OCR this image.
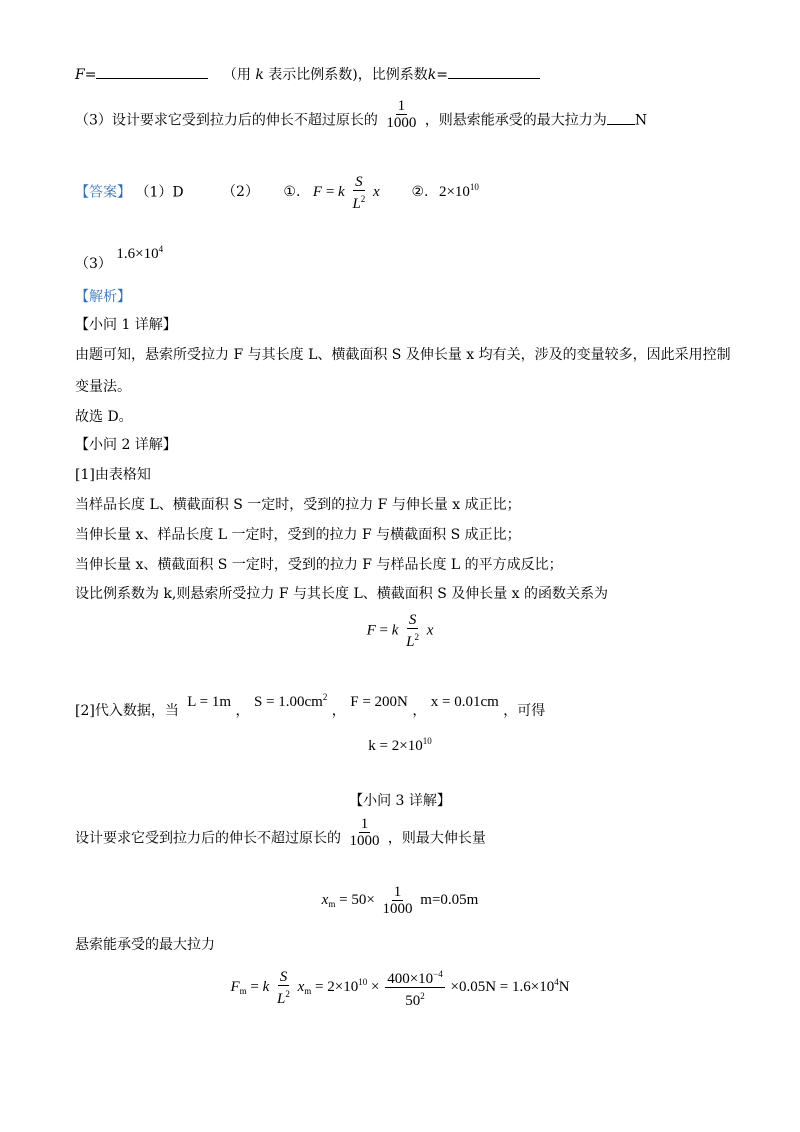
F=	（用 k 表示比例系数)，比例系数k=
（3）设计要求它受到拉力后的伸长不超过原长的 $\frac{1}{1000}$ ，则悬索能承受的最大拉力为 N
【答案】 （1）D	（2） ①. F = k $\frac{S}{L^2}$ x ②. $2\times 10^{10}$
（3） $1.6\times 10^4$
【解析】
【小问 1 详解】
由题可知，悬索所受拉力 F 与其长度 L、横截面积 S 及伸长量 x 均有关，涉及的变量较多，因此采用控制
变量法。
故选 D。
【小问 2 详解】
[1]由表格知
当样品长度 L、横截面积 S 一定时，受到的拉力 F 与伸长量 x 成正比；
当伸长量 x、样品长度 L 一定时，受到的拉力 F 与横截面积 S 成正比；
当伸长量 x、横截面积 S 一定时，受到的拉力 F 与样品长度 L 的平方成反比；
设比例系数为 k,则悬索所受拉力 F 与其长度 L、横截面积 S 及伸长量 x 的函数关系为
F = k $\frac{S}{L^2}$ x
[2]代入数据，当 L = 1m ， $S = 1.00cm^2$ ， F = 200N ， x = 0.01cm ，可得
$k = 2\times 10^{10}$
【小问 3 详解】
设计要求它受到拉力后的伸长不超过原长的 $\frac{1}{1000}$ ，则最大伸长量
$x_m = 50\times \frac{1}{1000} m=0.05m$
悬索能承受的最大拉力
$F_m = k \frac{S}{L^2} x_m = 2\times 10^{10} \times \frac{400\times 10^{-4}}{50^2} \times 0.05N = 1.6\times 10^4N$
